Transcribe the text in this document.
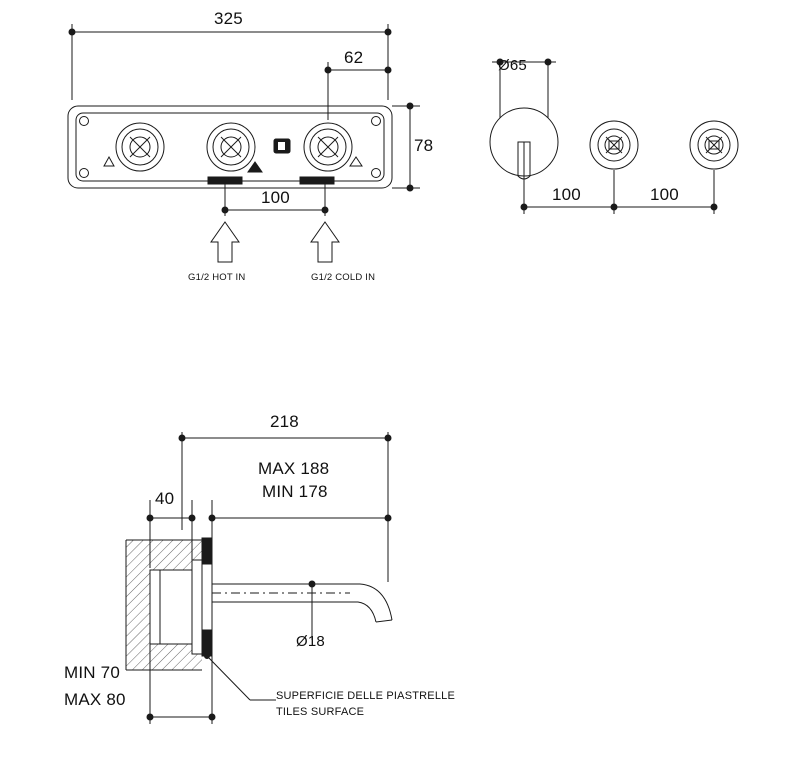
325
62
78
100
G1/2 HOT IN	G1/2 COLD IN
Ø65
100	100
218
MAX 188
MIN 178
40
Ø18
MIN 70
MAX 80	SUPERFICIE DELLE PIASTRELLE
TILES SURFACE
